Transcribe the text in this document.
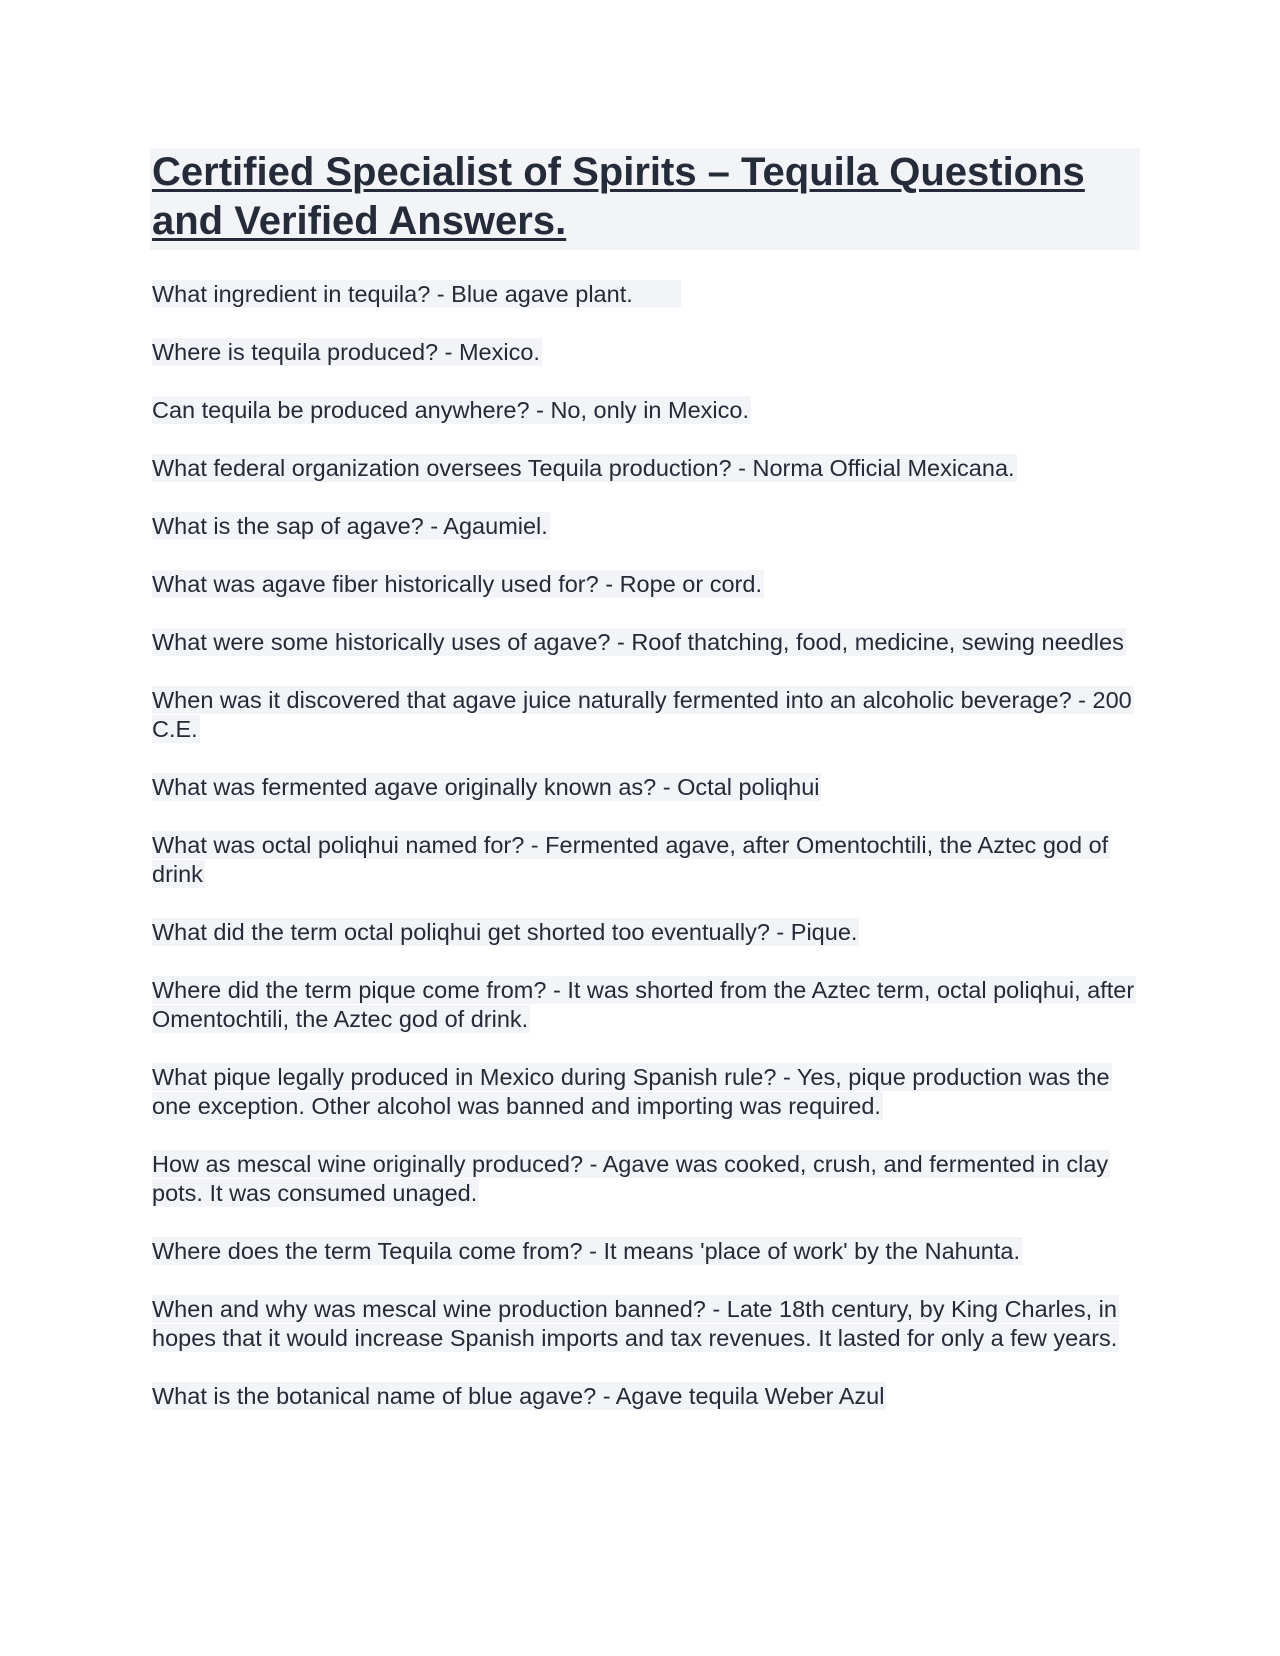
Certified Specialist of Spirits – Tequila Questions and Verified Answers.

What ingredient in tequila? - Blue agave plant.

Where is tequila produced? - Mexico.

Can tequila be produced anywhere? - No, only in Mexico.

What federal organization oversees Tequila production? - Norma Official Mexicana.

What is the sap of agave? - Agaumiel.

What was agave fiber historically used for? - Rope or cord.

What were some historically uses of agave? - Roof thatching, food, medicine, sewing needles

When was it discovered that agave juice naturally fermented into an alcoholic beverage? - 200 C.E.

What was fermented agave originally known as? - Octal poliqhui

What was octal poliqhui named for? - Fermented agave, after Omentochtili, the Aztec god of drink

What did the term octal poliqhui get shorted too eventually? - Pique.

Where did the term pique come from? - It was shorted from the Aztec term, octal poliqhui, after Omentochtili, the Aztec god of drink.

What pique legally produced in Mexico during Spanish rule? - Yes, pique production was the one exception. Other alcohol was banned and importing was required.

How as mescal wine originally produced? - Agave was cooked, crush, and fermented in clay pots. It was consumed unaged.

Where does the term Tequila come from? - It means 'place of work' by the Nahunta.

When and why was mescal wine production banned? - Late 18th century, by King Charles, in hopes that it would increase Spanish imports and tax revenues. It lasted for only a few years.

What is the botanical name of blue agave? - Agave tequila Weber Azul
